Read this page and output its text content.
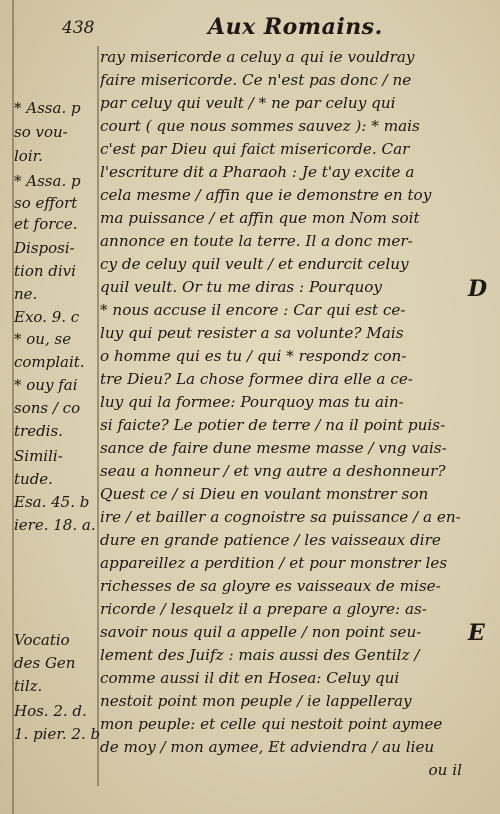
438	Aux Romains.
* Assa. p
so vou-
loir.
* Assa. p
so effort
et force.
Disposi-
tion divi
ne.
Exo. 9. c
* ou, se
complait.
* ouy fai
sons / co
tredis.
Simili-
tude.
Esa. 45. b
iere. 18. a.
Vocatio
des Gen
tilz.
Hos. 2. d.
1. pier. 2. b
ray misericorde a celuy a qui ie vouldray
faire misericorde. Ce n'est pas donc / ne
par celuy qui veult / * ne par celuy qui
court ( que nous sommes sauvez ): * mais
c'est par Dieu qui faict misericorde. Car
l'escriture dit a Pharaoh : Je t'ay excite a
cela mesme / affin que ie demonstre en toy
ma puissance / et affin que mon Nom soit
annonce en toute la terre. Il a donc mer-
cy de celuy quil veult / et endurcit celuy
quil veult. Or tu me diras : Pourquoy
* nous accuse il encore : Car qui est ce-
luy qui peut resister a sa volunte? Mais
o homme qui es tu / qui * respondz con-
tre Dieu? La chose formee dira elle a ce-
luy qui la formee: Pourquoy mas tu ain-
si faicte? Le potier de terre / na il point puis-
sance de faire dune mesme masse / vng vais-
seau a honneur / et vng autre a deshonneur?
Quest ce / si Dieu en voulant monstrer son
ire / et bailler a cognoistre sa puissance / a en-
dure en grande patience / les vaisseaux dire
appareillez a perdition / et pour monstrer les
richesses de sa gloyre es vaisseaux de mise-
ricorde / lesquelz il a prepare a gloyre: as-
savoir nous quil a appelle / non point seu-
lement des Juifz : mais aussi des Gentilz /
comme aussi il dit en Hosea: Celuy qui
nestoit point mon peuple / ie lappelleray
mon peuple: et celle qui nestoit point aymee
de moy / mon aymee, Et adviendra / au lieu
ou il
D
E
